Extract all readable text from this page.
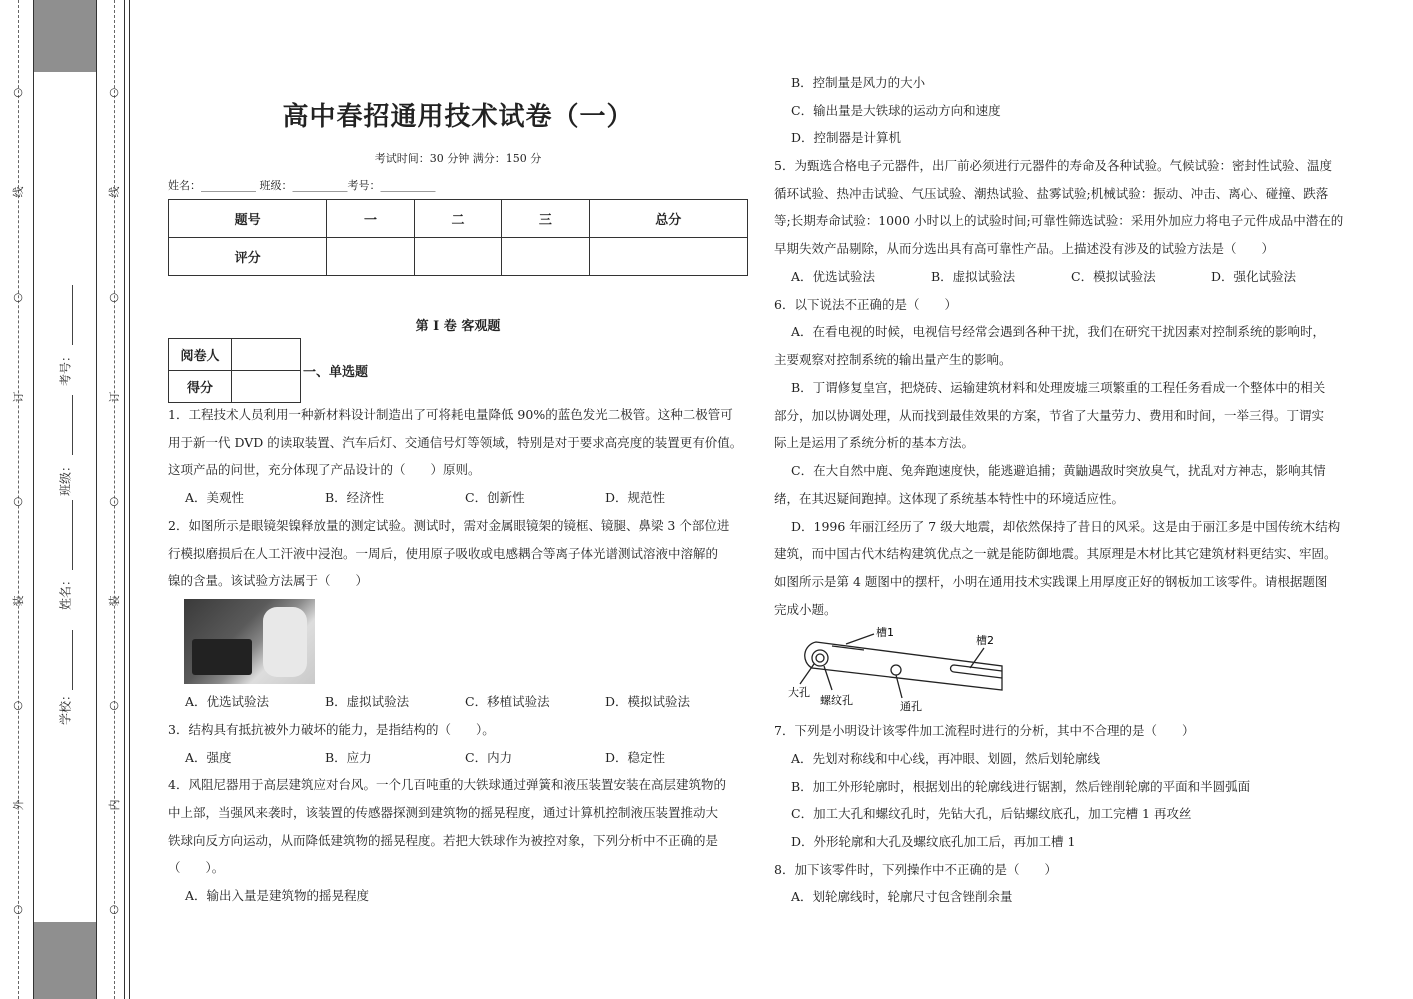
○
线
○
订
○
装
○
外
○
○
线
○
订
○
装
○
内
○
学校：
姓名：
班级：
考号：
高中春招通用技术试卷（一）
考试时间：30 分钟 满分：150 分
姓名：__________ 班级：__________考号：__________
题号	一	二	三	总分
评分				
第 I 卷 客观题
阅卷人	
得分	
一、单选题
1．工程技术人员利用一种新材料设计制造出了可将耗电量降低 90%的蓝色发光二极管。这种二极管可
用于新一代 DVD 的读取装置、汽车后灯、交通信号灯等领域，特别是对于要求高亮度的装置更有价值。
这项产品的问世，充分体现了产品设计的（　　）原则。
A．美观性	B．经济性	C．创新性	D．规范性
2．如图所示是眼镜架镍释放量的测定试验。测试时，需对金属眼镜架的镜框、镜腿、鼻梁 3 个部位进
行模拟磨损后在人工汗液中浸泡。一周后，使用原子吸收或电感耦合等离子体光谱测试溶液中溶解的
镍的含量。该试验方法属于（　　）
A．优选试验法	B．虚拟试验法	C．移植试验法	D．模拟试验法
3．结构具有抵抗被外力破坏的能力，是指结构的（　　）。
A．强度	B．应力	C．内力	D．稳定性
4．风阻尼器用于高层建筑应对台风。一个几百吨重的大铁球通过弹簧和液压装置安装在高层建筑物的
中上部，当强风来袭时，该装置的传感器探测到建筑物的摇晃程度，通过计算机控制液压装置推动大
铁球向反方向运动，从而降低建筑物的摇晃程度。若把大铁球作为被控对象，下列分析中不正确的是
（　　）。
A．输出入量是建筑物的摇晃程度
B．控制量是风力的大小
C．输出量是大铁球的运动方向和速度
D．控制器是计算机
5．为甄选合格电子元器件，出厂前必须进行元器件的寿命及各种试验。气候试验：密封性试验、温度
循环试验、热冲击试验、气压试验、潮热试验、盐雾试验;机械试验：振动、冲击、离心、碰撞、跌落
等;长期寿命试验：1000 小时以上的试验时间;可靠性筛选试验：采用外加应力将电子元件成品中潜在的
早期失效产品剔除，从而分选出具有高可靠性产品。上描述没有涉及的试验方法是（　　）
A．优选试验法	B．虚拟试验法	C．模拟试验法	D．强化试验法
6．以下说法不正确的是（　　）
A．在看电视的时候，电视信号经常会遇到各种干扰，我们在研究干扰因素对控制系统的影响时，
主要观察对控制系统的输出量产生的影响。
B．丁谓修复皇宫，把烧砖、运输建筑材料和处理废墟三项繁重的工程任务看成一个整体中的相关
部分，加以协调处理，从而找到最佳效果的方案，节省了大量劳力、费用和时间，一举三得。丁谓实
际上是运用了系统分析的基本方法。
C．在大自然中鹿、兔奔跑速度快，能逃避追捕；黄鼬遇敌时突放臭气，扰乱对方神志，影响其情
绪，在其迟疑间跑掉。这体现了系统基本特性中的环境适应性。
D．1996 年丽江经历了 7 级大地震，却依然保持了昔日的风采。这是由于丽江多是中国传统木结构
建筑，而中国古代木结构建筑优点之一就是能防御地震。其原理是木材比其它建筑材料更结实、牢固。
如图所示是第 4 题图中的摆杆，小明在通用技术实践课上用厚度正好的钢板加工该零件。请根据题图
完成小题。
槽1
槽2
大孔
螺纹孔	通孔
7．下列是小明设计该零件加工流程时进行的分析，其中不合理的是（　　）
A．先划对称线和中心线，再冲眼、划圆，然后划轮廓线
B．加工外形轮廓时，根据划出的轮廓线进行锯割，然后锉削轮廓的平面和半圆弧面
C．加工大孔和螺纹孔时，先钻大孔，后钻螺纹底孔，加工完槽 1 再攻丝
D．外形轮廓和大孔及螺纹底孔加工后，再加工槽 1
8．加下该零件时，下列操作中不正确的是（　　）
A．划轮廓线时，轮廓尺寸包含锉削余量
